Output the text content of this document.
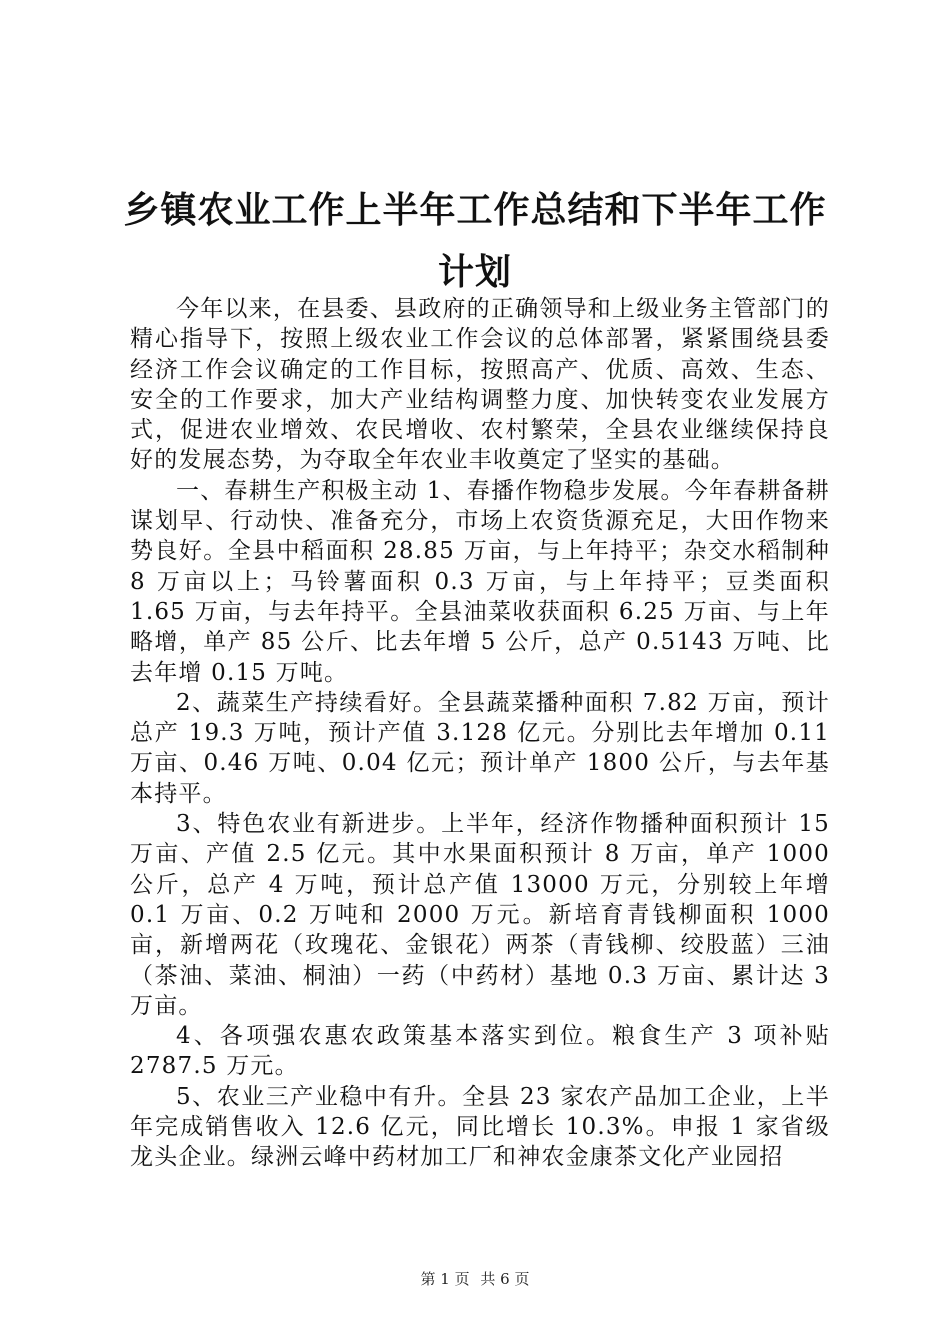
乡镇农业工作上半年工作总结和下半年工作计划

今年以来，在县委、县政府的正确领导和上级业务主管部门的精心指导下，按照上级农业工作会议的总体部署，紧紧围绕县委经济工作会议确定的工作目标，按照高产、优质、高效、生态、安全的工作要求，加大产业结构调整力度、加快转变农业发展方式，促进农业增效、农民增收、农村繁荣，全县农业继续保持良好的发展态势，为夺取全年农业丰收奠定了坚实的基础。

一、春耕生产积极主动 1、春播作物稳步发展。今年春耕备耕谋划早、行动快、准备充分，市场上农资货源充足，大田作物来势良好。全县中稻面积 28.85 万亩，与上年持平；杂交水稻制种 8 万亩以上；马铃薯面积 0.3 万亩，与上年持平；豆类面积 1.65 万亩，与去年持平。全县油菜收获面积 6.25 万亩、与上年略增，单产 85 公斤、比去年增 5 公斤，总产 0.5143 万吨、比去年增 0.15 万吨。

2、蔬菜生产持续看好。全县蔬菜播种面积 7.82 万亩，预计总产 19.3 万吨，预计产值 3.128 亿元。分别比去年增加 0.11 万亩、0.46 万吨、0.04 亿元；预计单产 1800 公斤，与去年基本持平。

3、特色农业有新进步。上半年，经济作物播种面积预计 15 万亩、产值 2.5 亿元。其中水果面积预计 8 万亩，单产 1000 公斤，总产 4 万吨，预计总产值 13000 万元，分别较上年增 0.1 万亩、0.2 万吨和 2000 万元。新培育青钱柳面积 1000 亩，新增两花（玫瑰花、金银花）两茶（青钱柳、绞股蓝）三油（茶油、菜油、桐油）一药（中药材）基地 0.3 万亩、累计达 3 万亩。

4、各项强农惠农政策基本落实到位。粮食生产 3 项补贴 2787.5 万元。

5、农业三产业稳中有升。全县 23 家农产品加工企业，上半年完成销售收入 12.6 亿元，同比增长 10.3%。申报 1 家省级龙头企业。绿洲云峰中药材加工厂和神农金康茶文化产业园招

第 1 页 共 6 页
